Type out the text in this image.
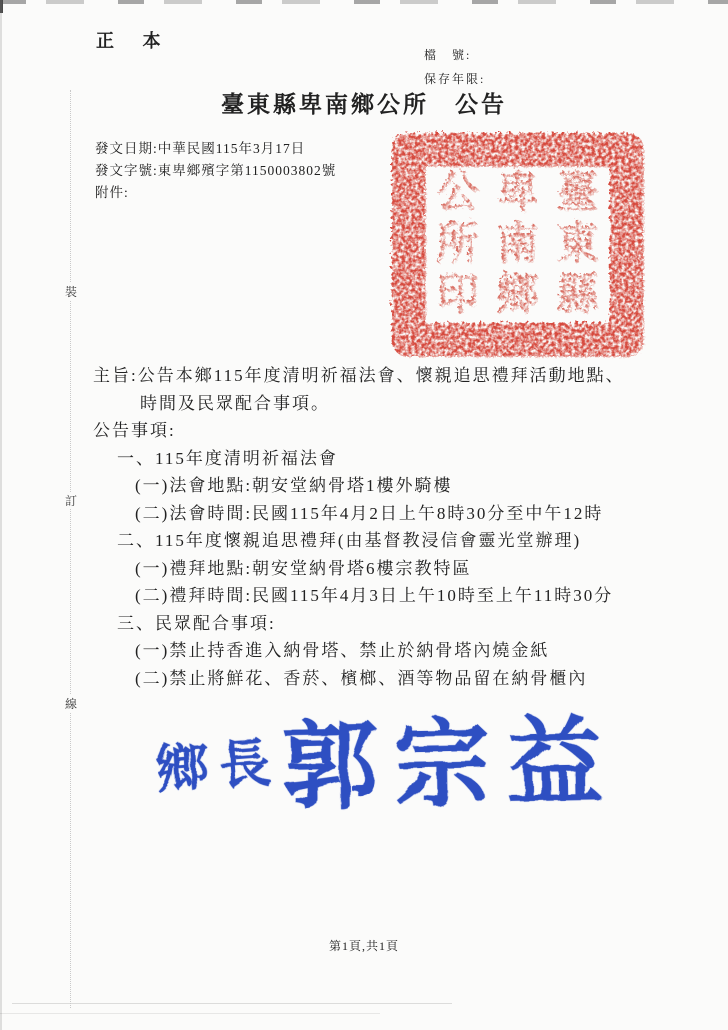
正 本
檔　號:
保存年限:
臺東縣卑南鄉公所　公告
發文日期:中華民國115年3月17日
發文字號:東卑鄉殯字第1150003802號
附件:	臺
東
縣
卑
南
鄉
公
所
印
裝
訂
線
主旨:公告本鄉115年度清明祈福法會、懷親追思禮拜活動地點、
時間及民眾配合事項。
公告事項:
一、115年度清明祈福法會
(一)法會地點:朝安堂納骨塔1樓外騎樓
(二)法會時間:民國115年4月2日上午8時30分至中午12時
二、115年度懷親追思禮拜(由基督教浸信會靈光堂辦理)
(一)禮拜地點:朝安堂納骨塔6樓宗教特區
(二)禮拜時間:民國115年4月3日上午10時至上午11時30分
三、民眾配合事項:
(一)禁止持香進入納骨塔、禁止於納骨塔內燒金紙
(二)禁止將鮮花、香菸、檳榔、酒等物品留在納骨櫃內
鄉長
郭宗益
第1頁,共1頁
